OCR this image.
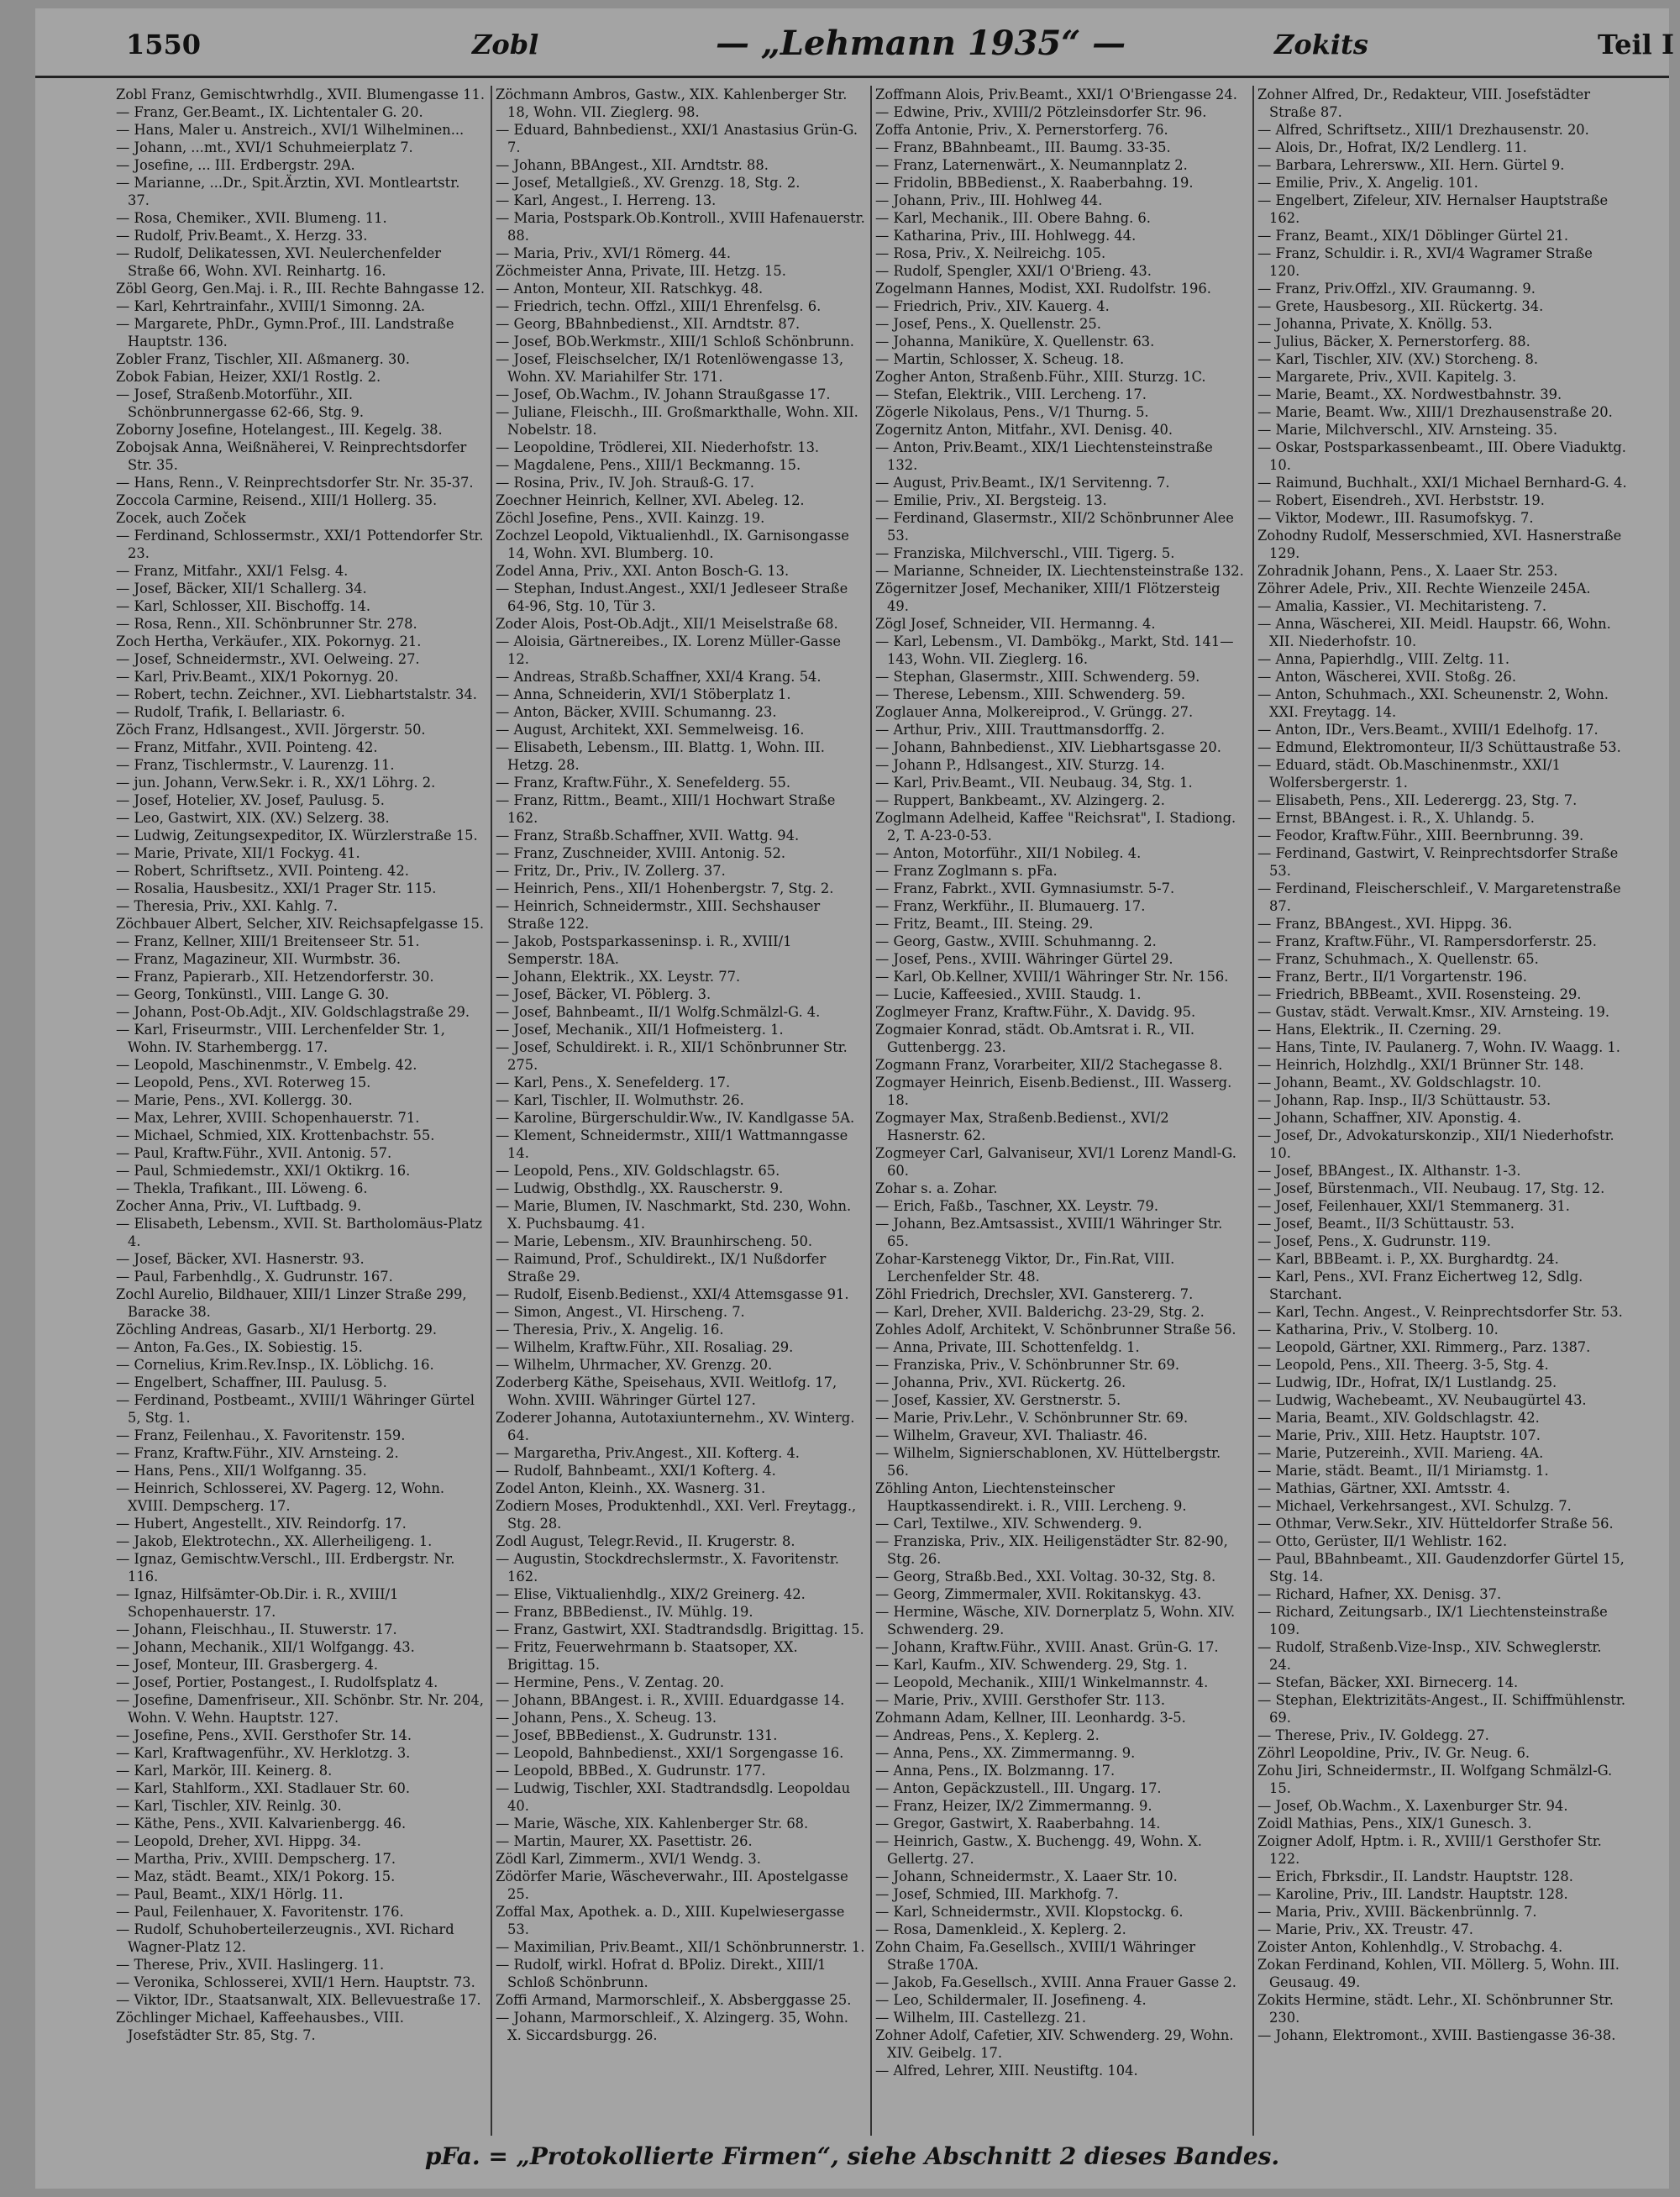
1550	Zobl	— „Lehmann 1935“ —	Zokits	Teil I

Zobl Franz, Gemischtwrhdlg., XVII. Blumengasse 11.

— Franz, Ger.Beamt., IX. Lichtentaler G. 20.

— Hans, Maler u. Anstreich., XVI/1 Wilhelminen...

— Johann, ...mt., XVI/1 Schuhmeierplatz 7.

— Josefine, ... III. Erdbergstr. 29A.

— Marianne, ...Dr., Spit.Ärztin, XVI. Montleartstr. 37.

— Rosa, Chemiker., XVII. Blumeng. 11.

— Rudolf, Priv.Beamt., X. Herzg. 33.

— Rudolf, Delikatessen, XVI. Neulerchenfelder Straße 66, Wohn. XVI. Reinhartg. 16.

Zöbl Georg, Gen.Maj. i. R., III. Rechte Bahngasse 12.

— Karl, Kehrtrainfahr., XVIII/1 Simonng. 2A.

— Margarete, PhDr., Gymn.Prof., III. Landstraße Hauptstr. 136.

Zobler Franz, Tischler, XII. Aßmanerg. 30.

Zobok Fabian, Heizer, XXI/1 Rostlg. 2.

— Josef, Straßenb.Motorführ., XII. Schönbrunnergasse 62-66, Stg. 9.

Zoborny Josefine, Hotelangest., III. Kegelg. 38.

Zobojsak Anna, Weißnäherei, V. Reinprechtsdorfer Str. 35.

— Hans, Renn., V. Reinprechtsdorfer Str. Nr. 35-37.

Zoccola Carmine, Reisend., XIII/1 Hollerg. 35.

Zocek, auch Zoček

— Ferdinand, Schlossermstr., XXI/1 Pottendorfer Str. 23.

— Franz, Mitfahr., XXI/1 Felsg. 4.

— Josef, Bäcker, XII/1 Schallerg. 34.

— Karl, Schlosser, XII. Bischoffg. 14.

— Rosa, Renn., XII. Schönbrunner Str. 278.

Zoch Hertha, Verkäufer., XIX. Pokornyg. 21.

— Josef, Schneidermstr., XVI. Oelweing. 27.

— Karl, Priv.Beamt., XIX/1 Pokornyg. 20.

— Robert, techn. Zeichner., XVI. Liebhartstalstr. 34.

— Rudolf, Trafik, I. Bellariastr. 6.

Zöch Franz, Hdlsangest., XVII. Jörgerstr. 50.

— Franz, Mitfahr., XVII. Pointeng. 42.

— Franz, Tischlermstr., V. Laurenzg. 11.

— jun. Johann, Verw.Sekr. i. R., XX/1 Löhrg. 2.

— Josef, Hotelier, XV. Josef, Paulusg. 5.

— Leo, Gastwirt, XIX. (XV.) Selzerg. 38.

— Ludwig, Zeitungsexpeditor, IX. Würzlerstraße 15.

— Marie, Private, XII/1 Fockyg. 41.

— Robert, Schriftsetz., XVII. Pointeng. 42.

— Rosalia, Hausbesitz., XXI/1 Prager Str. 115.

— Theresia, Priv., XXI. Kahlg. 7.

Zöchbauer Albert, Selcher, XIV. Reichsapfelgasse 15.

— Franz, Kellner, XIII/1 Breitenseer Str. 51.

— Franz, Magazineur, XII. Wurmbstr. 36.

— Franz, Papierarb., XII. Hetzendorferstr. 30.

— Georg, Tonkünstl., VIII. Lange G. 30.

— Johann, Post-Ob.Adjt., XIV. Goldschlagstraße 29.

— Karl, Friseurmstr., VIII. Lerchenfelder Str. 1, Wohn. IV. Starhembergg. 17.

— Leopold, Maschinenmstr., V. Embelg. 42.

— Leopold, Pens., XVI. Roterweg 15.

— Marie, Pens., XVI. Kollergg. 30.

— Max, Lehrer, XVIII. Schopenhauerstr. 71.

— Michael, Schmied, XIX. Krottenbachstr. 55.

— Paul, Kraftw.Führ., XVII. Antonig. 57.

— Paul, Schmiedemstr., XXI/1 Oktikrg. 16.

— Thekla, Trafikant., III. Löweng. 6.

Zocher Anna, Priv., VI. Luftbadg. 9.

— Elisabeth, Lebensm., XVII. St. Bartholomäus-Platz 4.

— Josef, Bäcker, XVI. Hasnerstr. 93.

— Paul, Farbenhdlg., X. Gudrunstr. 167.

Zochl Aurelio, Bildhauer, XIII/1 Linzer Straße 299, Baracke 38.

Zöchling Andreas, Gasarb., XI/1 Herbortg. 29.

— Anton, Fa.Ges., IX. Sobiestig. 15.

— Cornelius, Krim.Rev.Insp., IX. Löblichg. 16.

— Engelbert, Schaffner, III. Paulusg. 5.

— Ferdinand, Postbeamt., XVIII/1 Währinger Gürtel 5, Stg. 1.

— Franz, Feilenhau., X. Favoritenstr. 159.

— Franz, Kraftw.Führ., XIV. Arnsteing. 2.

— Hans, Pens., XII/1 Wolfganng. 35.

— Heinrich, Schlosserei, XV. Pagerg. 12, Wohn. XVIII. Dempscherg. 17.

— Hubert, Angestellt., XIV. Reindorfg. 17.

— Jakob, Elektrotechn., XX. Allerheiligeng. 1.

— Ignaz, Gemischtw.Verschl., III. Erdbergstr. Nr. 116.

— Ignaz, Hilfsämter-Ob.Dir. i. R., XVIII/1 Schopenhauerstr. 17.

— Johann, Fleischhau., II. Stuwerstr. 17.

— Johann, Mechanik., XII/1 Wolfgangg. 43.

— Josef, Monteur, III. Grasbergerg. 4.

— Josef, Portier, Postangest., I. Rudolfsplatz 4.

— Josefine, Damenfriseur., XII. Schönbr. Str. Nr. 204, Wohn. V. Wehn. Hauptstr. 127.

— Josefine, Pens., XVII. Gersthofer Str. 14.

— Karl, Kraftwagenführ., XV. Herklotzg. 3.

— Karl, Markör, III. Keinerg. 8.

— Karl, Stahlform., XXI. Stadlauer Str. 60.

— Karl, Tischler, XIV. Reinlg. 30.

— Käthe, Pens., XVII. Kalvarienbergg. 46.

— Leopold, Dreher, XVI. Hippg. 34.

— Martha, Priv., XVIII. Dempscherg. 17.

— Maz, städt. Beamt., XIX/1 Pokorg. 15.

— Paul, Beamt., XIX/1 Hörlg. 11.

— Paul, Feilenhauer, X. Favoritenstr. 176.

— Rudolf, Schuhoberteilerzeugnis., XVI. Richard Wagner-Platz 12.

— Therese, Priv., XVII. Haslingerg. 11.

— Veronika, Schlosserei, XVII/1 Hern. Hauptstr. 73.

— Viktor, IDr., Staatsanwalt, XIX. Bellevuestraße 17.

Zöchlinger Michael, Kaffeehausbes., VIII. Josefstädter Str. 85, Stg. 7.

Zöchmann Ambros, Gastw., XIX. Kahlenberger Str. 18, Wohn. VII. Zieglerg. 98.

— Eduard, Bahnbedienst., XXI/1 Anastasius Grün-G. 7.

— Johann, BBAngest., XII. Arndtstr. 88.

— Josef, Metallgieß., XV. Grenzg. 18, Stg. 2.

— Karl, Angest., I. Herreng. 13.

— Maria, Postspark.Ob.Kontroll., XVIII Hafenauerstr. 88.

— Maria, Priv., XVI/1 Römerg. 44.

Zöchmeister Anna, Private, III. Hetzg. 15.

— Anton, Monteur, XII. Ratschkyg. 48.

— Friedrich, techn. Offzl., XIII/1 Ehrenfelsg. 6.

— Georg, BBahnbedienst., XII. Arndtstr. 87.

— Josef, BOb.Werkmstr., XIII/1 Schloß Schönbrunn.

— Josef, Fleischselcher, IX/1 Rotenlöwengasse 13, Wohn. XV. Mariahilfer Str. 171.

— Josef, Ob.Wachm., IV. Johann Straußgasse 17.

— Juliane, Fleischh., III. Großmarkthalle, Wohn. XII. Nobelstr. 18.

— Leopoldine, Trödlerei, XII. Niederhofstr. 13.

— Magdalene, Pens., XIII/1 Beckmanng. 15.

— Rosina, Priv., IV. Joh. Strauß-G. 17.

Zoechner Heinrich, Kellner, XVI. Abeleg. 12.

Zöchl Josefine, Pens., XVII. Kainzg. 19.

Zochzel Leopold, Viktualienhdl., IX. Garnisongasse 14, Wohn. XVI. Blumberg. 10.

Zodel Anna, Priv., XXI. Anton Bosch-G. 13.

— Stephan, Indust.Angest., XXI/1 Jedleseer Straße 64-96, Stg. 10, Tür 3.

Zoder Alois, Post-Ob.Adjt., XII/1 Meiselstraße 68.

— Aloisia, Gärtnereibes., IX. Lorenz Müller-Gasse 12.

— Andreas, Straßb.Schaffner, XXI/4 Krang. 54.

— Anna, Schneiderin, XVI/1 Stöberplatz 1.

— Anton, Bäcker, XVIII. Schumanng. 23.

— August, Architekt, XXI. Semmelweisg. 16.

— Elisabeth, Lebensm., III. Blattg. 1, Wohn. III. Hetzg. 28.

— Franz, Kraftw.Führ., X. Senefelderg. 55.

— Franz, Rittm., Beamt., XIII/1 Hochwart Straße 162.

— Franz, Straßb.Schaffner, XVII. Wattg. 94.

— Franz, Zuschneider, XVIII. Antonig. 52.

— Fritz, Dr., Priv., IV. Zollerg. 37.

— Heinrich, Pens., XII/1 Hohenbergstr. 7, Stg. 2.

— Heinrich, Schneidermstr., XIII. Sechshauser Straße 122.

— Jakob, Postsparkasseninsp. i. R., XVIII/1 Semperstr. 18A.

— Johann, Elektrik., XX. Leystr. 77.

— Josef, Bäcker, VI. Pöblerg. 3.

— Josef, Bahnbeamt., II/1 Wolfg.Schmälzl-G. 4.

— Josef, Mechanik., XII/1 Hofmeisterg. 1.

— Josef, Schuldirekt. i. R., XII/1 Schönbrunner Str. 275.

— Karl, Pens., X. Senefelderg. 17.

— Karl, Tischler, II. Wolmuthstr. 26.

— Karoline, Bürgerschuldir.Ww., IV. Kandlgasse 5A.

— Klement, Schneidermstr., XIII/1 Wattmanngasse 14.

— Leopold, Pens., XIV. Goldschlagstr. 65.

— Ludwig, Obsthdlg., XX. Rauscherstr. 9.

— Marie, Blumen, IV. Naschmarkt, Std. 230, Wohn. X. Puchsbaumg. 41.

— Marie, Lebensm., XIV. Braunhirscheng. 50.

— Raimund, Prof., Schuldirekt., IX/1 Nußdorfer Straße 29.

— Rudolf, Eisenb.Bedienst., XXI/4 Attemsgasse 91.

— Simon, Angest., VI. Hirscheng. 7.

— Theresia, Priv., X. Angelig. 16.

— Wilhelm, Kraftw.Führ., XII. Rosaliag. 29.

— Wilhelm, Uhrmacher, XV. Grenzg. 20.

Zoderberg Käthe, Speisehaus, XVII. Weitlofg. 17, Wohn. XVIII. Währinger Gürtel 127.

Zoderer Johanna, Autotaxiunternehm., XV. Winterg. 64.

— Margaretha, Priv.Angest., XII. Kofterg. 4.

— Rudolf, Bahnbeamt., XXI/1 Kofterg. 4.

Zodel Anton, Kleinh., XX. Wasnerg. 31.

Zodiern Moses, Produktenhdl., XXI. Verl. Freytagg., Stg. 28.

Zodl August, Telegr.Revid., II. Krugerstr. 8.

— Augustin, Stockdrechslermstr., X. Favoritenstr. 162.

— Elise, Viktualienhdlg., XIX/2 Greinerg. 42.

— Franz, BBBedienst., IV. Mühlg. 19.

— Franz, Gastwirt, XXI. Stadtrandsdlg. Brigittag. 15.

— Fritz, Feuerwehrmann b. Staatsoper, XX. Brigittag. 15.

— Hermine, Pens., V. Zentag. 20.

— Johann, BBAngest. i. R., XVIII. Eduardgasse 14.

— Johann, Pens., X. Scheug. 13.

— Josef, BBBedienst., X. Gudrunstr. 131.

— Leopold, Bahnbedienst., XXI/1 Sorgengasse 16.

— Leopold, BBBed., X. Gudrunstr. 177.

— Ludwig, Tischler, XXI. Stadtrandsdlg. Leopoldau 40.

— Marie, Wäsche, XIX. Kahlenberger Str. 68.

— Martin, Maurer, XX. Pasettistr. 26.

Zödl Karl, Zimmerm., XVI/1 Wendg. 3.

Zödörfer Marie, Wäscheverwahr., III. Apostelgasse 25.

Zoffal Max, Apothek. a. D., XIII. Kupelwiesergasse 53.

— Maximilian, Priv.Beamt., XII/1 Schönbrunnerstr. 1.

— Rudolf, wirkl. Hofrat d. BPoliz. Direkt., XIII/1 Schloß Schönbrunn.

Zoffi Armand, Marmorschleif., X. Absberggasse 25.

— Johann, Marmorschleif., X. Alzingerg. 35, Wohn. X. Siccardsburgg. 26.

Zoffmann Alois, Priv.Beamt., XXI/1 O'Briengasse 24.

— Edwine, Priv., XVIII/2 Pötzleinsdorfer Str. 96.

Zoffa Antonie, Priv., X. Pernerstorferg. 76.

— Franz, BBahnbeamt., III. Baumg. 33-35.

— Franz, Laternenwärt., X. Neumannplatz 2.

— Fridolin, BBBedienst., X. Raaberbahng. 19.

— Johann, Priv., III. Hohlweg 44.

— Karl, Mechanik., III. Obere Bahng. 6.

— Katharina, Priv., III. Hohlwegg. 44.

— Rosa, Priv., X. Neilreichg. 105.

— Rudolf, Spengler, XXI/1 O'Brieng. 43.

Zogelmann Hannes, Modist, XXI. Rudolfstr. 196.

— Friedrich, Priv., XIV. Kauerg. 4.

— Josef, Pens., X. Quellenstr. 25.

— Johanna, Maniküre, X. Quellenstr. 63.

— Martin, Schlosser, X. Scheug. 18.

Zogher Anton, Straßenb.Führ., XIII. Sturzg. 1C.

— Stefan, Elektrik., VIII. Lercheng. 17.

Zögerle Nikolaus, Pens., V/1 Thurng. 5.

Zogernitz Anton, Mitfahr., XVI. Denisg. 40.

— Anton, Priv.Beamt., XIX/1 Liechtensteinstraße 132.

— August, Priv.Beamt., IX/1 Servitenng. 7.

— Emilie, Priv., XI. Bergsteig. 13.

— Ferdinand, Glasermstr., XII/2 Schönbrunner Alee 53.

— Franziska, Milchverschl., VIII. Tigerg. 5.

— Marianne, Schneider, IX. Liechtensteinstraße 132.

Zögernitzer Josef, Mechaniker, XIII/1 Flötzersteig 49.

Zögl Josef, Schneider, VII. Hermanng. 4.

— Karl, Lebensm., VI. Dambökg., Markt, Std. 141—143, Wohn. VII. Zieglerg. 16.

— Stephan, Glasermstr., XIII. Schwenderg. 59.

— Therese, Lebensm., XIII. Schwenderg. 59.

Zoglauer Anna, Molkereiprod., V. Grüngg. 27.

— Arthur, Priv., XIII. Trauttmansdorffg. 2.

— Johann, Bahnbedienst., XIV. Liebhartsgasse 20.

— Johann P., Hdlsangest., XIV. Sturzg. 14.

— Karl, Priv.Beamt., VII. Neubaug. 34, Stg. 1.

— Ruppert, Bankbeamt., XV. Alzingerg. 2.

Zoglmann Adelheid, Kaffee "Reichsrat", I. Stadiong. 2, T. A-23-0-53.

— Anton, Motorführ., XII/1 Nobileg. 4.

— Franz Zoglmann s. pFa.

— Franz, Fabrkt., XVII. Gymnasiumstr. 5-7.

— Franz, Werkführ., II. Blumauerg. 17.

— Fritz, Beamt., III. Steing. 29.

— Georg, Gastw., XVIII. Schuhmanng. 2.

— Josef, Pens., XVIII. Währinger Gürtel 29.

— Karl, Ob.Kellner, XVIII/1 Währinger Str. Nr. 156.

— Lucie, Kaffeesied., XVIII. Staudg. 1.

Zoglmeyer Franz, Kraftw.Führ., X. Davidg. 95.

Zogmaier Konrad, städt. Ob.Amtsrat i. R., VII. Guttenbergg. 23.

Zogmann Franz, Vorarbeiter, XII/2 Stachegasse 8.

Zogmayer Heinrich, Eisenb.Bedienst., III. Wasserg. 18.

Zogmayer Max, Straßenb.Bedienst., XVI/2 Hasnerstr. 62.

Zogmeyer Carl, Galvaniseur, XVI/1 Lorenz Mandl-G. 60.

Zohar s. a. Zohar.

— Erich, Faßb., Taschner, XX. Leystr. 79.

— Johann, Bez.Amtsassist., XVIII/1 Währinger Str. 65.

Zohar-Karstenegg Viktor, Dr., Fin.Rat, VIII. Lerchenfelder Str. 48.

Zöhl Friedrich, Drechsler, XVI. Ganstererg. 7.

— Karl, Dreher, XVII. Balderichg. 23-29, Stg. 2.

Zohles Adolf, Architekt, V. Schönbrunner Straße 56.

— Anna, Private, III. Schottenfeldg. 1.

— Franziska, Priv., V. Schönbrunner Str. 69.

— Johanna, Priv., XVI. Rückertg. 26.

— Josef, Kassier, XV. Gerstnerstr. 5.

— Marie, Priv.Lehr., V. Schönbrunner Str. 69.

— Wilhelm, Graveur, XVI. Thaliastr. 46.

— Wilhelm, Signierschablonen, XV. Hüttelbergstr. 56.

Zöhling Anton, Liechtensteinscher Hauptkassendirekt. i. R., VIII. Lercheng. 9.

— Carl, Textilwe., XIV. Schwenderg. 9.

— Franziska, Priv., XIX. Heiligenstädter Str. 82-90, Stg. 26.

— Georg, Straßb.Bed., XXI. Voltag. 30-32, Stg. 8.

— Georg, Zimmermaler, XVII. Rokitanskyg. 43.

— Hermine, Wäsche, XIV. Dornerplatz 5, Wohn. XIV. Schwenderg. 29.

— Johann, Kraftw.Führ., XVIII. Anast. Grün-G. 17.

— Karl, Kaufm., XIV. Schwenderg. 29, Stg. 1.

— Leopold, Mechanik., XIII/1 Winkelmannstr. 4.

— Marie, Priv., XVIII. Gersthofer Str. 113.

Zohmann Adam, Kellner, III. Leonhardg. 3-5.

— Andreas, Pens., X. Keplerg. 2.

— Anna, Pens., XX. Zimmermanng. 9.

— Anna, Pens., IX. Bolzmanng. 17.

— Anton, Gepäckzustell., III. Ungarg. 17.

— Franz, Heizer, IX/2 Zimmermanng. 9.

— Gregor, Gastwirt, X. Raaberbahng. 14.

— Heinrich, Gastw., X. Buchengg. 49, Wohn. X. Gellertg. 27.

— Johann, Schneidermstr., X. Laaer Str. 10.

— Josef, Schmied, III. Markhofg. 7.

— Karl, Schneidermstr., XVII. Klopstockg. 6.

— Rosa, Damenkleid., X. Keplerg. 2.

Zohn Chaim, Fa.Gesellsch., XVIII/1 Währinger Straße 170A.

— Jakob, Fa.Gesellsch., XVIII. Anna Frauer Gasse 2.

— Leo, Schildermaler, II. Josefineng. 4.

— Wilhelm, III. Castellezg. 21.

Zohner Adolf, Cafetier, XIV. Schwenderg. 29, Wohn. XIV. Geibelg. 17.

— Alfred, Lehrer, XIII. Neustiftg. 104.

Zohner Alfred, Dr., Redakteur, VIII. Josefstädter Straße 87.

— Alfred, Schriftsetz., XIII/1 Drezhausenstr. 20.

— Alois, Dr., Hofrat, IX/2 Lendlerg. 11.

— Barbara, Lehrersww., XII. Hern. Gürtel 9.

— Emilie, Priv., X. Angelig. 101.

— Engelbert, Zifeleur, XIV. Hernalser Hauptstraße 162.

— Franz, Beamt., XIX/1 Döblinger Gürtel 21.

— Franz, Schuldir. i. R., XVI/4 Wagramer Straße 120.

— Franz, Priv.Offzl., XIV. Graumanng. 9.

— Grete, Hausbesorg., XII. Rückertg. 34.

— Johanna, Private, X. Knöllg. 53.

— Julius, Bäcker, X. Pernerstorferg. 88.

— Karl, Tischler, XIV. (XV.) Storcheng. 8.

— Margarete, Priv., XVII. Kapitelg. 3.

— Marie, Beamt., XX. Nordwestbahnstr. 39.

— Marie, Beamt. Ww., XIII/1 Drezhausenstraße 20.

— Marie, Milchverschl., XIV. Arnsteing. 35.

— Oskar, Postsparkassenbeamt., III. Obere Viaduktg. 10.

— Raimund, Buchhalt., XXI/1 Michael Bernhard-G. 4.

— Robert, Eisendreh., XVI. Herbststr. 19.

— Viktor, Modewr., III. Rasumofskyg. 7.

Zohodny Rudolf, Messerschmied, XVI. Hasnerstraße 129.

Zohradnik Johann, Pens., X. Laaer Str. 253.

Zöhrer Adele, Priv., XII. Rechte Wienzeile 245A.

— Amalia, Kassier., VI. Mechitaristeng. 7.

— Anna, Wäscherei, XII. Meidl. Haupstr. 66, Wohn. XII. Niederhofstr. 10.

— Anna, Papierhdlg., VIII. Zeltg. 11.

— Anton, Wäscherei, XVII. Stoßg. 26.

— Anton, Schuhmach., XXI. Scheunenstr. 2, Wohn. XXI. Freytagg. 14.

— Anton, IDr., Vers.Beamt., XVIII/1 Edelhofg. 17.

— Edmund, Elektromonteur, II/3 Schüttaustraße 53.

— Eduard, städt. Ob.Maschinenmstr., XXI/1 Wolfersbergerstr. 1.

— Elisabeth, Pens., XII. Lederergg. 23, Stg. 7.

— Ernst, BBAngest. i. R., X. Uhlandg. 5.

— Feodor, Kraftw.Führ., XIII. Beernbrunng. 39.

— Ferdinand, Gastwirt, V. Reinprechtsdorfer Straße 53.

— Ferdinand, Fleischerschleif., V. Margaretenstraße 87.

— Franz, BBAngest., XVI. Hippg. 36.

— Franz, Kraftw.Führ., VI. Rampersdorferstr. 25.

— Franz, Schuhmach., X. Quellenstr. 65.

— Franz, Bertr., II/1 Vorgartenstr. 196.

— Friedrich, BBBeamt., XVII. Rosensteing. 29.

— Gustav, städt. Verwalt.Kmsr., XIV. Arnsteing. 19.

— Hans, Elektrik., II. Czerning. 29.

— Hans, Tinte, IV. Paulanerg. 7, Wohn. IV. Waagg. 1.

— Heinrich, Holzhdlg., XXI/1 Brünner Str. 148.

— Johann, Beamt., XV. Goldschlagstr. 10.

— Johann, Rap. Insp., II/3 Schüttaustr. 53.

— Johann, Schaffner, XIV. Aponstig. 4.

— Josef, Dr., Advokaturskonzip., XII/1 Niederhofstr. 10.

— Josef, BBAngest., IX. Althanstr. 1-3.

— Josef, Bürstenmach., VII. Neubaug. 17, Stg. 12.

— Josef, Feilenhauer, XXI/1 Stemmanerg. 31.

— Josef, Beamt., II/3 Schüttaustr. 53.

— Josef, Pens., X. Gudrunstr. 119.

— Karl, BBBeamt. i. P., XX. Burghardtg. 24.

— Karl, Pens., XVI. Franz Eichertweg 12, Sdlg. Starchant.

— Karl, Techn. Angest., V. Reinprechtsdorfer Str. 53.

— Katharina, Priv., V. Stolberg. 10.

— Leopold, Gärtner, XXI. Rimmerg., Parz. 1387.

— Leopold, Pens., XII. Theerg. 3-5, Stg. 4.

— Ludwig, IDr., Hofrat, IX/1 Lustlandg. 25.

— Ludwig, Wachebeamt., XV. Neubaugürtel 43.

— Maria, Beamt., XIV. Goldschlagstr. 42.

— Marie, Priv., XIII. Hetz. Hauptstr. 107.

— Marie, Putzereinh., XVII. Marieng. 4A.

— Marie, städt. Beamt., II/1 Miriamstg. 1.

— Mathias, Gärtner, XXI. Amtsstr. 4.

— Michael, Verkehrsangest., XVI. Schulzg. 7.

— Othmar, Verw.Sekr., XIV. Hütteldorfer Straße 56.

— Otto, Gerüster, II/1 Wehlistr. 162.

— Paul, BBahnbeamt., XII. Gaudenzdorfer Gürtel 15, Stg. 14.

— Richard, Hafner, XX. Denisg. 37.

— Richard, Zeitungsarb., IX/1 Liechtensteinstraße 109.

— Rudolf, Straßenb.Vize-Insp., XIV. Schweglerstr. 24.

— Stefan, Bäcker, XXI. Birnecerg. 14.

— Stephan, Elektrizitäts-Angest., II. Schiffmühlenstr. 69.

— Therese, Priv., IV. Goldegg. 27.

Zöhrl Leopoldine, Priv., IV. Gr. Neug. 6.

Zohu Jiri, Schneidermstr., II. Wolfgang Schmälzl-G. 15.

— Josef, Ob.Wachm., X. Laxenburger Str. 94.

Zoidl Mathias, Pens., XIX/1 Gunesch. 3.

Zoigner Adolf, Hptm. i. R., XVIII/1 Gersthofer Str. 122.

— Erich, Fbrksdir., II. Landstr. Hauptstr. 128.

— Karoline, Priv., III. Landstr. Hauptstr. 128.

— Maria, Priv., XVIII. Bäckenbrünnlg. 7.

— Marie, Priv., XX. Treustr. 47.

Zoister Anton, Kohlenhdlg., V. Strobachg. 4.

Zokan Ferdinand, Kohlen, VII. Möllerg. 5, Wohn. III. Geusaug. 49.

Zokits Hermine, städt. Lehr., XI. Schönbrunner Str. 230.

— Johann, Elektromont., XVIII. Bastiengasse 36-38.

pFa. = „Protokollierte Firmen“, siehe Abschnitt 2 dieses Bandes.
